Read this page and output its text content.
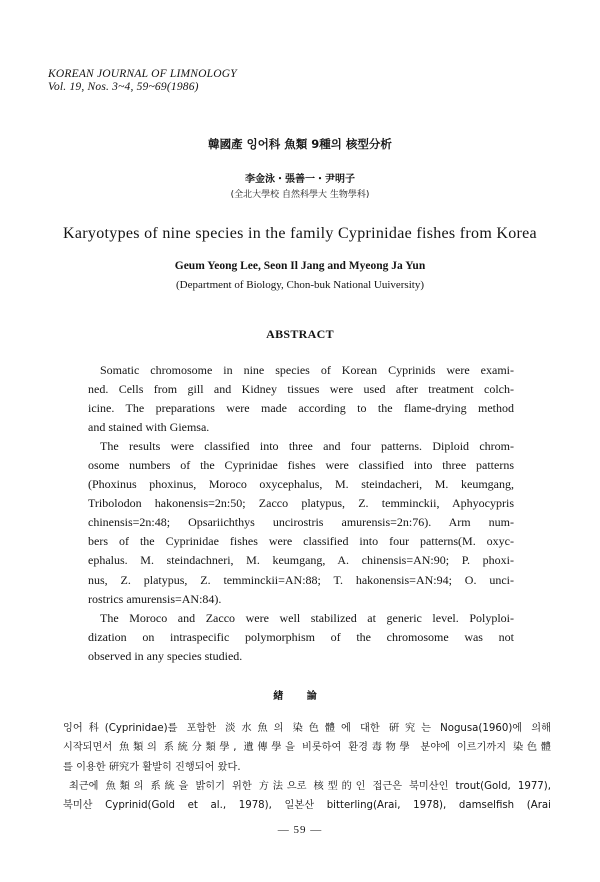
KOREAN JOURNAL OF LIMNOLOGY
Vol. 19, Nos. 3~4, 59~69(1986)
韓國產 잉어科 魚類 9種의 核型分析
李金泳・張善一・尹明子
(全北大學校 自然科學大 生物學科)
Karyotypes of nine species in the family Cyprinidae fishes from Korea
Geum Yeong Lee, Seon Il Jang and Myeong Ja Yun
(Department of Biology, Chon-buk National Uuiversity)
ABSTRACT
Somatic chromosome in nine species of Korean Cyprinids were exami-
ned. Cells from gill and Kidney tissues were used after treatment colch-
icine. The preparations were made according to the flame-drying method
and stained with Giemsa.
The results were classified into three and four patterns. Diploid chrom-
osome numbers of the Cyprinidae fishes were classified into three patterns
(Phoxinus phoxinus, Moroco oxycephalus, M. steindacheri, M. keumgang,
Tribolodon hakonensis=2n:50; Zacco platypus, Z. temminckii, Aphyocypris
chinensis=2n:48; Opsariichthys uncirostris amurensis=2n:76). Arm num-
bers of the Cyprinidae fishes were classified into four patterns(M. oxyc-
ephalus. M. steindachneri, M. keumgang, A. chinensis=AN:90; P. phoxi-
nus, Z. platypus, Z. temminckii=AN:88; T. hakonensis=AN:94; O. unci-
rostrics amurensis=AN:84).
The Moroco and Zacco were well stabilized at generic level. Polyploi-
dization on intraspecific polymorphism of the chromosome was not
observed in any species studied.
緖 論
잉어科(Cyprinidae)를 포함한 淡水魚의 染色體에 대한 硏究는 Nogusa(1960)에 의해
시작되면서 魚類의 系統分類學, 遺傳學을 비롯하여 환경毒物學 분야에 이르기까지 染色體
를 이용한 硏究가 활발히 진행되어 왔다.
최근에 魚類의 系統을 밝히기 위한 方法으로 核型的인 접근은 북미산인 trout(Gold, 1977),
북미산 Cyprinid(Gold et al., 1978), 일본산 bitterling(Arai, 1978), damselfish (Arai
— 59 —
